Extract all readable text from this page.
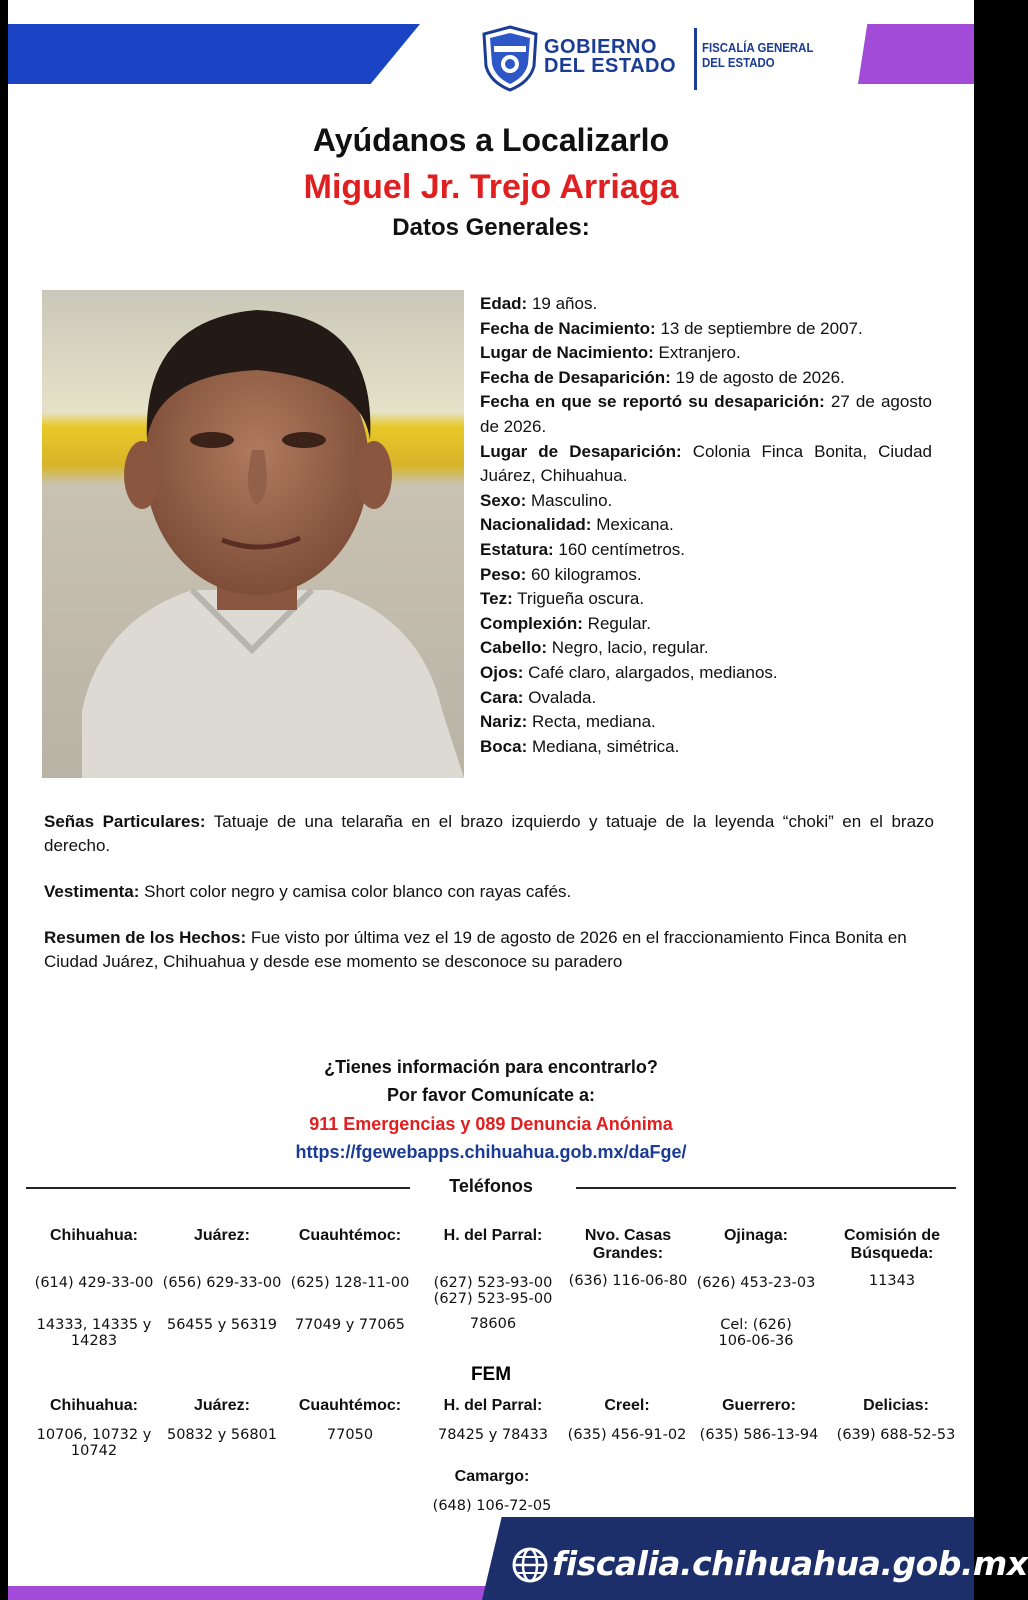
GOBIERNO
DEL ESTADO
FISCALÍA GENERAL
DEL ESTADO
Ayúdanos a Localizarlo
Miguel Jr. Trejo Arriaga
Datos Generales:

Edad: 19 años.

Fecha de Nacimiento: 13 de septiembre de 2007.

Lugar de Nacimiento: Extranjero.

Fecha de Desaparición: 19 de agosto de 2026.

Fecha en que se reportó su desaparición: 27 de agosto de 2026.

Lugar de Desaparición: Colonia Finca Bonita, Ciudad Juárez, Chihuahua.

Sexo: Masculino.

Nacionalidad: Mexicana.

Estatura: 160 centímetros.

Peso: 60 kilogramos.

Tez: Trigueña oscura.

Complexión: Regular.

Cabello: Negro, lacio, regular.

Ojos: Café claro, alargados, medianos.

Cara: Ovalada.

Nariz: Recta, mediana.

Boca: Mediana, simétrica.

Señas Particulares: Tatuaje de una telaraña en el brazo izquierdo y tatuaje de la leyenda “choki” en el brazo derecho.
Vestimenta: Short color negro y camisa color blanco con rayas cafés.
Resumen de los Hechos: Fue visto por última vez el 19 de agosto de 2026 en el fraccionamiento Finca Bonita en Ciudad Juárez, Chihuahua y desde ese momento se desconoce su paradero
¿Tienes información para encontrarlo?
Por favor Comunícate a:
911 Emergencias y 089 Denuncia Anónima
https://fgewebapps.chihuahua.gob.mx/daFge/
Teléfonos
Chihuahua:
(614) 429-33-00
14333, 14335 y 14283
Juárez:
(656) 629-33-00
56455 y 56319
Cuauhtémoc:
(625) 128-11-00
77049 y 77065
H. del Parral:
(627) 523-93-00 (627) 523-95-00
78606
Nvo. Casas Grandes:
(636) 116-06-80
Ojinaga:
(626) 453-23-03
Cel: (626) 106-06-36
Comisión de Búsqueda:
11343
FEM
Chihuahua:
10706, 10732 y 10742
Juárez:
50832 y 56801
Cuauhtémoc:
77050
H. del Parral:
78425 y 78433
Creel:
(635) 456-91-02
Guerrero:
(635) 586-13-94
Delicias:
(639) 688-52-53
Camargo:
(648) 106-72-05
fiscalia.chihuahua.gob.mx
